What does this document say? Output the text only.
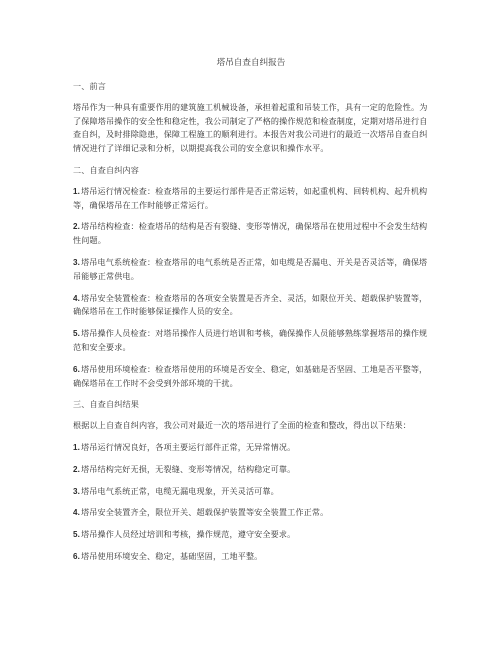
塔吊自查自纠报告
一、前言
塔吊作为一种具有重要作用的建筑施工机械设备，承担着起重和吊装工作，具有一定的危险性。为了保障塔吊操作的安全性和稳定性，我公司制定了严格的操作规范和检查制度，定期对塔吊进行自查自纠，及时排除隐患，保障工程施工的顺利进行。本报告对我公司进行的最近一次塔吊自查自纠情况进行了详细记录和分析，以期提高我公司的安全意识和操作水平。
二、自查自纠内容
1.塔吊运行情况检查：检查塔吊的主要运行部件是否正常运转，如起重机构、回转机构、起升机构等，确保塔吊在工作时能够正常运行。
2.塔吊结构检查：检查塔吊的结构是否有裂缝、变形等情况，确保塔吊在使用过程中不会发生结构性问题。
3.塔吊电气系统检查：检查塔吊的电气系统是否正常，如电缆是否漏电、开关是否灵活等，确保塔吊能够正常供电。
4.塔吊安全装置检查：检查塔吊的各项安全装置是否齐全、灵活，如限位开关、超载保护装置等，确保塔吊在工作时能够保证操作人员的安全。
5.塔吊操作人员检查：对塔吊操作人员进行培训和考核，确保操作人员能够熟练掌握塔吊的操作规范和安全要求。
6.塔吊使用环境检查：检查塔吊使用的环境是否安全、稳定，如基础是否坚固、工地是否平整等，确保塔吊在工作时不会受到外部环境的干扰。
三、自查自纠结果
根据以上自查自纠内容，我公司对最近一次的塔吊进行了全面的检查和整改，得出以下结果：
1.塔吊运行情况良好，各项主要运行部件正常，无异常情况。
2.塔吊结构完好无损，无裂缝、变形等情况，结构稳定可靠。
3.塔吊电气系统正常，电缆无漏电现象，开关灵活可靠。
4.塔吊安全装置齐全，限位开关、超载保护装置等安全装置工作正常。
5.塔吊操作人员经过培训和考核，操作规范，遵守安全要求。
6.塔吊使用环境安全、稳定，基础坚固，工地平整。
